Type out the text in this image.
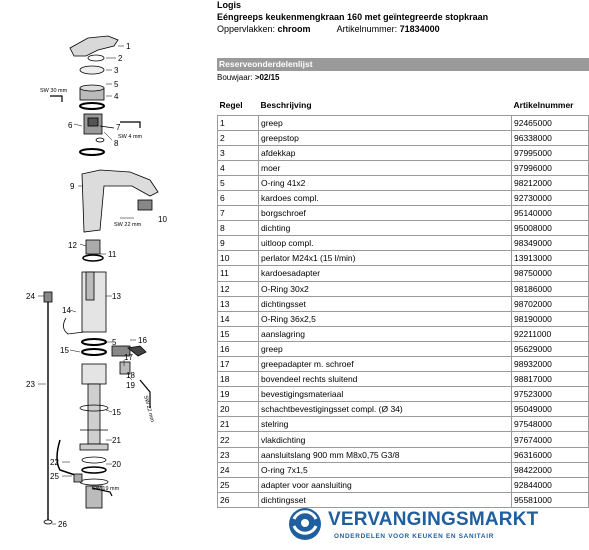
1
2
3
5
4
6	7
SW 4 mm
8
9
SW 22 mm
10
12
11
13
14
15
5	16
17
18
19
SW 22 mm
15
21
20
22
25
SW 19 mm
24
23
26
SW 30 mm
Logis
Eéngreeps keukenmengkraan 160 met geïntegreerde stopkraan
Oppervlakken: chroom	Artikelnummer: 71834000
Reserveonderdelenlijst
Bouwjaar: >02/15
Regel	Beschrijving	Artikelnummer
1	greep	92465000
2	greepstop	96338000
3	afdekkap	97995000
4	moer	97996000
5	O-ring 41x2	98212000
6	kardoes compl.	92730000
7	borgschroef	95140000
8	dichting	95008000
9	uitloop compl.	98349000
10	perlator M24x1 (15 l/min)	13913000
11	kardoesadapter	98750000
12	O-Ring 30x2	98186000
13	dichtingsset	98702000
14	O-Ring 36x2,5	98190000
15	aanslagring	92211000
16	greep	95629000
17	greepadapter m. schroef	98932000
18	bovendeel rechts sluitend	98817000
19	bevestigingsmateriaal	97523000
20	schachtbevestigingsset compl. (Ø 34)	95049000
21	stelring	97548000
22	vlakdichting	97674000
23	aansluitslang 900 mm M8x0,75 G3/8	96316000
24	O-ring 7x1,5	98422000
25	adapter voor aansluiting	92844000
26	dichtingsset	95581000
VERVANGINGSMARKT
ONDERDELEN VOOR KEUKEN EN SANITAIR
